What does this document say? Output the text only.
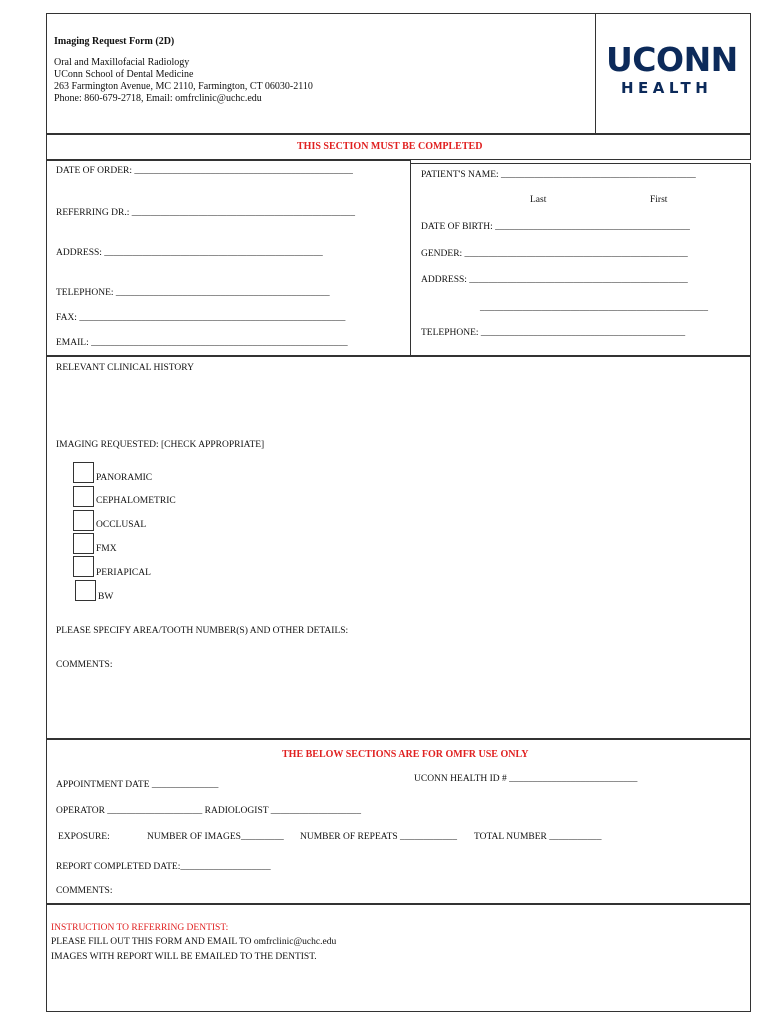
Imaging Request Form (2D)
Oral and Maxillofacial Radiology
UConn School of Dental Medicine
263 Farmington Avenue, MC 2110, Farmington, CT 06030-2110
Phone: 860-679-2718, Email: omfrclinic@uchc.edu
UCONN
HEALTH
THIS SECTION MUST BE COMPLETED
DATE OF ORDER: ______________________________________________
REFERRING DR.: _______________________________________________
ADDRESS: ______________________________________________
TELEPHONE: _____________________________________________
FAX: ________________________________________________________
EMAIL: ______________________________________________________
PATIENT'S NAME: _________________________________________
Last	First
DATE OF BIRTH: _________________________________________
GENDER: _______________________________________________
ADDRESS: ______________________________________________
________________________________________________
TELEPHONE: ___________________________________________
RELEVANT CLINICAL HISTORY
IMAGING REQUESTED: [CHECK APPROPRIATE]
PANORAMIC
CEPHALOMETRIC
OCCLUSAL
FMX
PERIAPICAL
BW
PLEASE SPECIFY AREA/TOOTH NUMBER(S) AND OTHER DETAILS:
COMMENTS:
THE BELOW SECTIONS ARE FOR OMFR USE ONLY
UCONN HEALTH ID # ___________________________
APPOINTMENT DATE ______________
OPERATOR ____________________ RADIOLOGIST ___________________
EXPOSURE:	NUMBER OF IMAGES_________ NUMBER OF REPEATS ____________ TOTAL NUMBER ___________
REPORT COMPLETED DATE:___________________
COMMENTS:
INSTRUCTION TO REFERRING DENTIST:
PLEASE FILL OUT THIS FORM AND EMAIL TO omfrclinic@uchc.edu
IMAGES WITH REPORT WILL BE EMAILED TO THE DENTIST.
